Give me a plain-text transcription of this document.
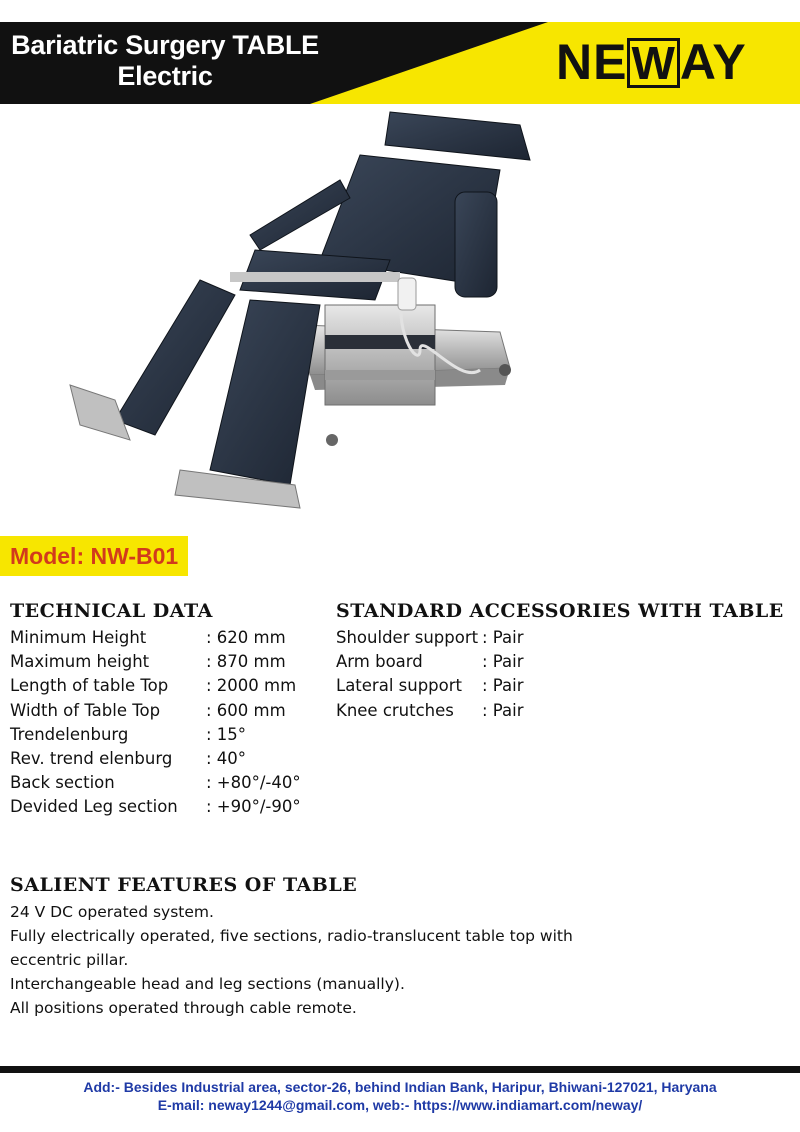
Bariatric Surgery TABLE
Electric	NE W AY
Model: NW-B01
TECHNICAL DATA
Minimum Height	: 620 mm
Maximum height	: 870 mm
Length of table Top	: 2000 mm
Width of Table Top	: 600 mm
Trendelenburg	: 15°
Rev. trend elenburg	: 40°
Back section	: +80°/-40°
Devided Leg section	: +90°/-90°
STANDARD ACCESSORIES WITH TABLE
Shoulder support : Pair
Arm board	: Pair
Lateral support	: Pair
Knee crutches	: Pair
SALIENT FEATURES OF TABLE

24 V DC operated system.

Fully electrically operated, five sections, radio-translucent table top with

eccentric pillar.

Interchangeable head and leg sections (manually).

All positions operated through cable remote.

Add:- Besides Industrial area, sector-26, behind Indian Bank, Haripur, Bhiwani-127021, Haryana
E-mail: neway1244@gmail.com, web:- https://www.indiamart.com/neway/
